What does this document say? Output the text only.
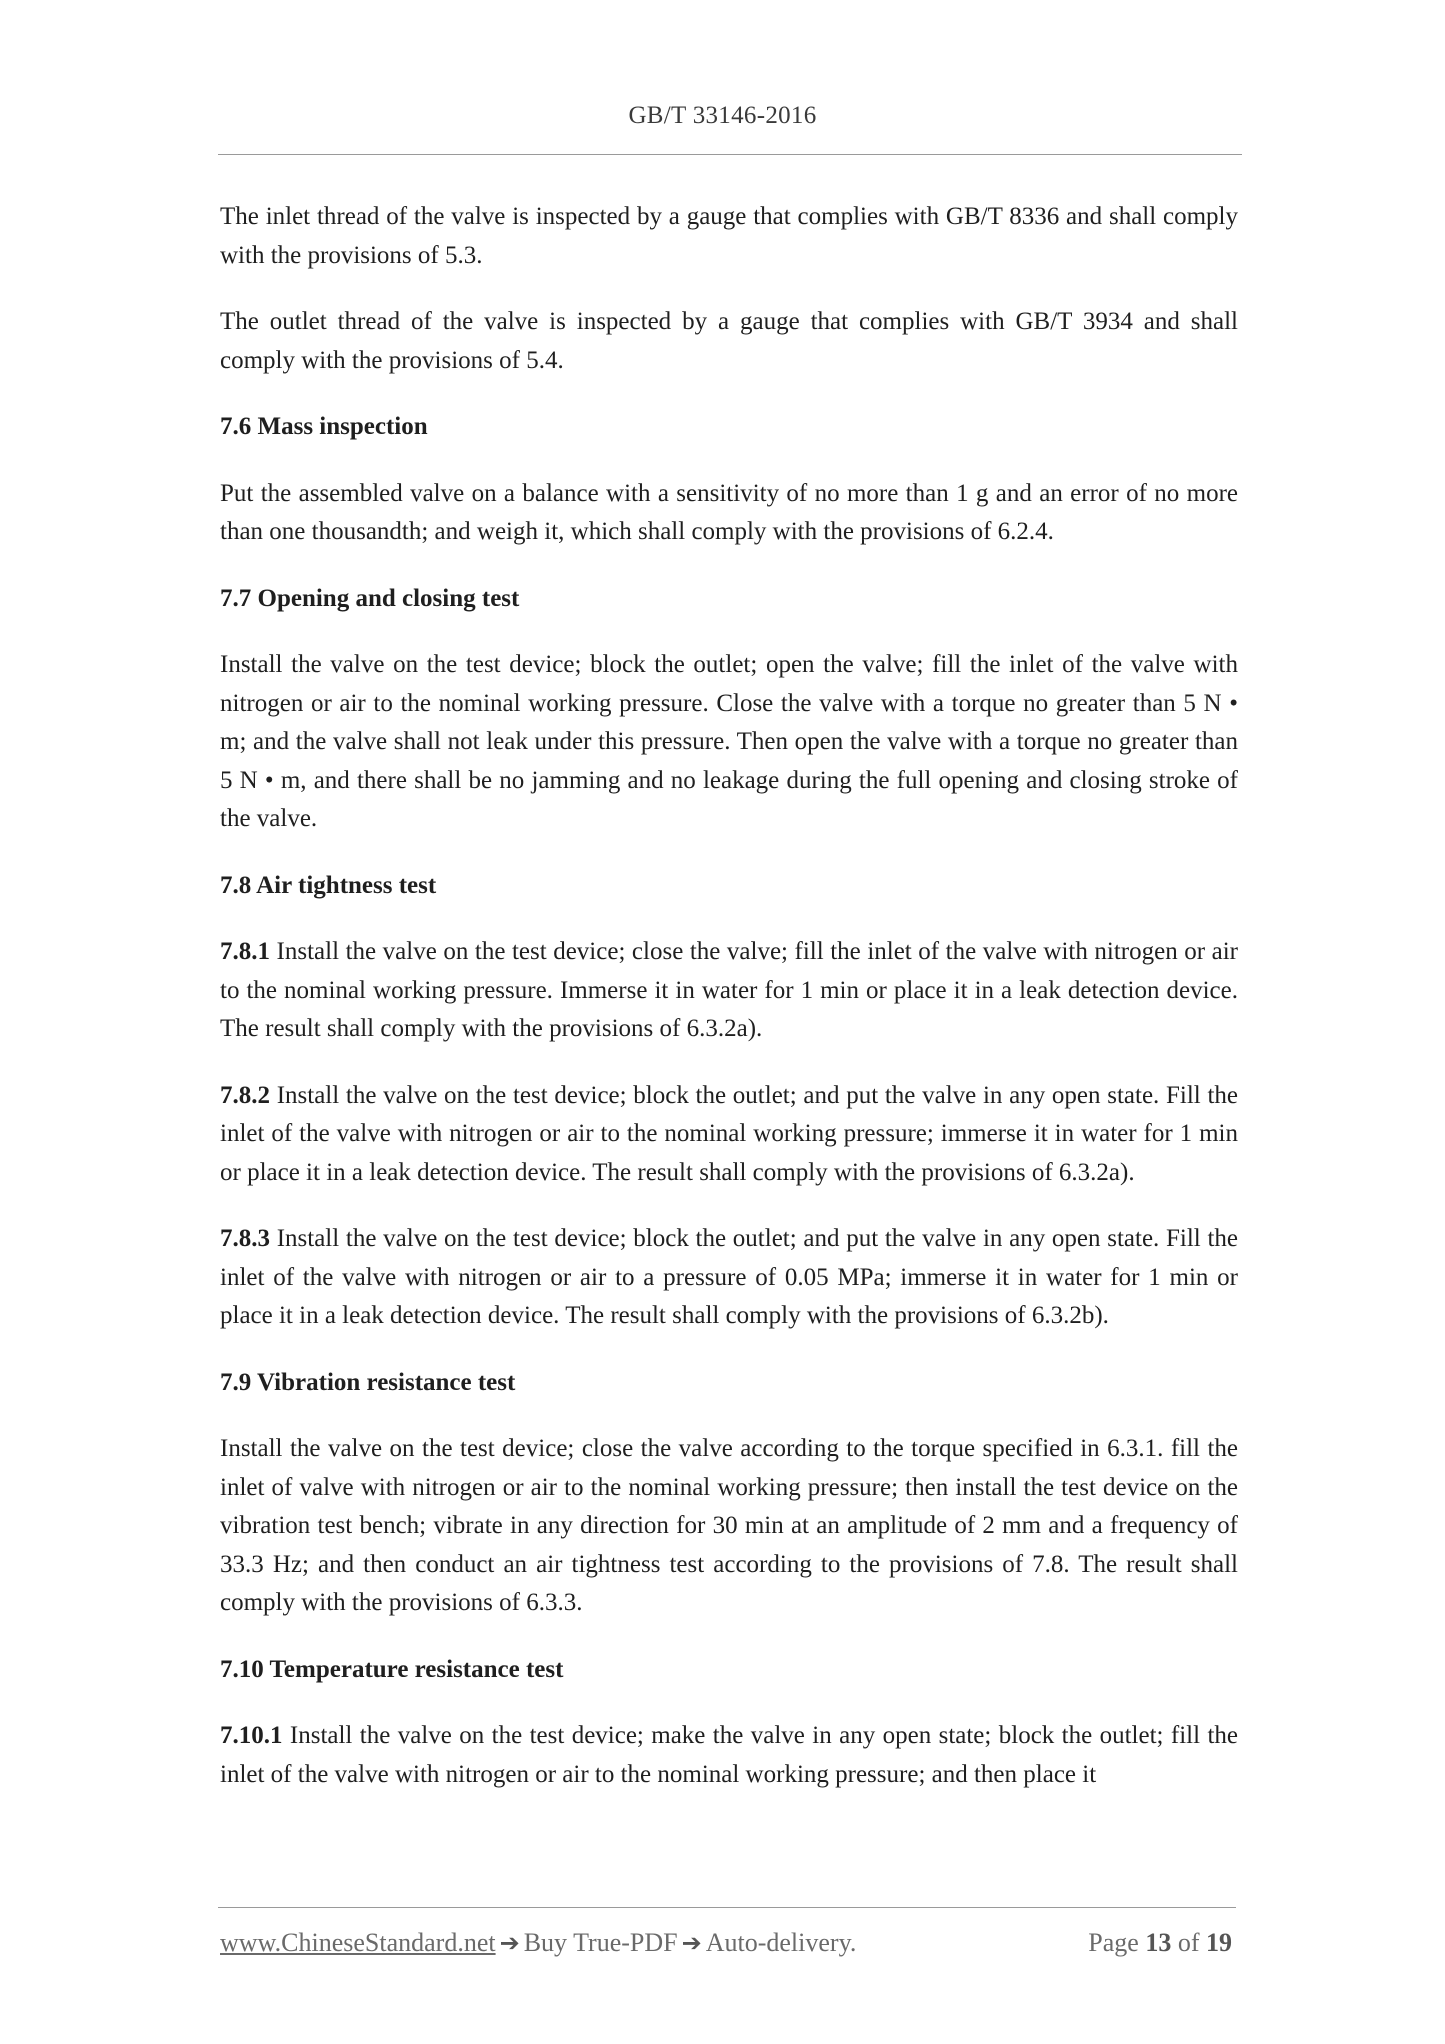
GB/T 33146-2016

The inlet thread of the valve is inspected by a gauge that complies with GB/T 8336 and shall comply with the provisions of 5.3.

The outlet thread of the valve is inspected by a gauge that complies with GB/T 3934 and shall comply with the provisions of 5.4.

7.6 Mass inspection

Put the assembled valve on a balance with a sensitivity of no more than 1 g and an error of no more than one thousandth; and weigh it, which shall comply with the provisions of 6.2.4.

7.7 Opening and closing test

Install the valve on the test device; block the outlet; open the valve; fill the inlet of the valve with nitrogen or air to the nominal working pressure. Close the valve with a torque no greater than 5 N • m; and the valve shall not leak under this pressure. Then open the valve with a torque no greater than 5 N • m, and there shall be no jamming and no leakage during the full opening and closing stroke of the valve.

7.8 Air tightness test

7.8.1 Install the valve on the test device; close the valve; fill the inlet of the valve with nitrogen or air to the nominal working pressure. Immerse it in water for 1 min or place it in a leak detection device. The result shall comply with the provisions of 6.3.2a).

7.8.2 Install the valve on the test device; block the outlet; and put the valve in any open state. Fill the inlet of the valve with nitrogen or air to the nominal working pressure; immerse it in water for 1 min or place it in a leak detection device. The result shall comply with the provisions of 6.3.2a).

7.8.3 Install the valve on the test device; block the outlet; and put the valve in any open state. Fill the inlet of the valve with nitrogen or air to a pressure of 0.05 MPa; immerse it in water for 1 min or place it in a leak detection device. The result shall comply with the provisions of 6.3.2b).

7.9 Vibration resistance test

Install the valve on the test device; close the valve according to the torque specified in 6.3.1. fill the inlet of valve with nitrogen or air to the nominal working pressure; then install the test device on the vibration test bench; vibrate in any direction for 30 min at an amplitude of 2 mm and a frequency of 33.3 Hz; and then conduct an air tightness test according to the provisions of 7.8. The result shall comply with the provisions of 6.3.3.

7.10 Temperature resistance test

7.10.1 Install the valve on the test device; make the valve in any open state; block the outlet; fill the inlet of the valve with nitrogen or air to the nominal working pressure; and then place it

www.ChineseStandard.net ➔ Buy True-PDF ➔ Auto-delivery.	Page 13 of 19
